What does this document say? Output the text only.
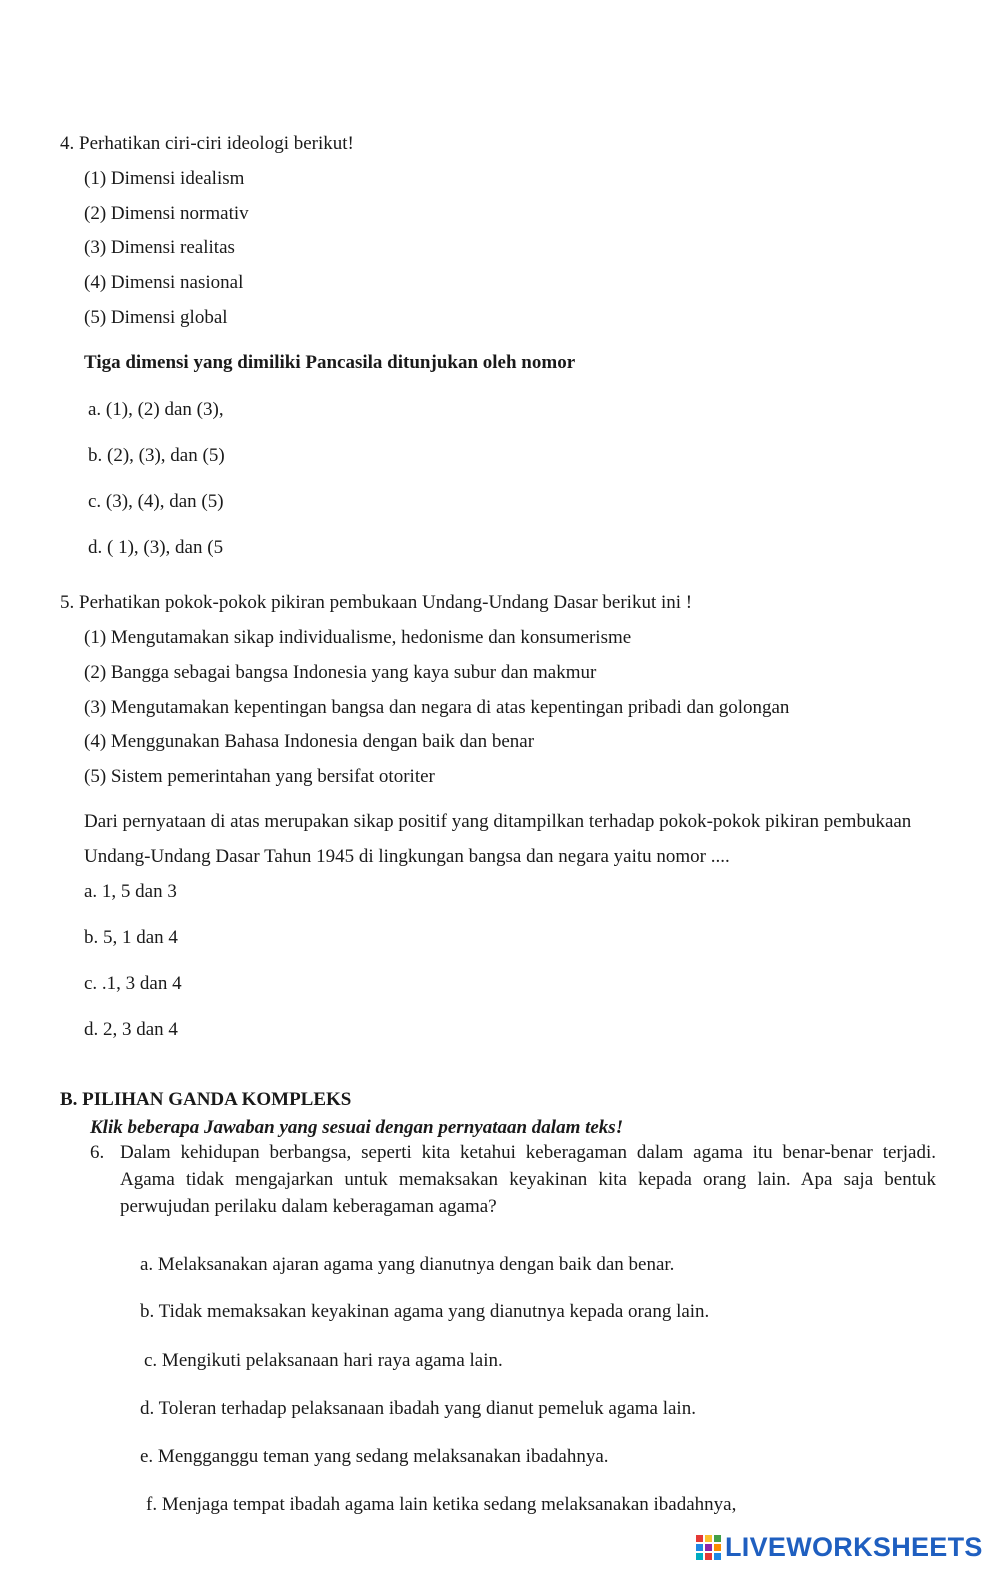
4. Perhatikan ciri-ciri ideologi berikut!
(1) Dimensi idealism
(2) Dimensi normativ
(3) Dimensi realitas
(4) Dimensi nasional
(5) Dimensi global
Tiga dimensi yang dimiliki Pancasila ditunjukan oleh nomor
a. (1), (2) dan (3),
b. (2), (3), dan (5)
c. (3), (4), dan (5)
d. ( 1), (3), dan (5
5. Perhatikan pokok-pokok pikiran pembukaan Undang-Undang Dasar berikut ini !
(1) Mengutamakan sikap individualisme, hedonisme dan konsumerisme
(2) Bangga sebagai bangsa Indonesia yang kaya subur dan makmur
(3) Mengutamakan kepentingan bangsa dan negara di atas kepentingan pribadi dan golongan
(4) Menggunakan Bahasa Indonesia dengan baik dan benar
(5) Sistem pemerintahan yang bersifat otoriter
Dari pernyataan di atas merupakan sikap positif yang ditampilkan terhadap pokok-pokok pikiran pembukaan
Undang-Undang Dasar Tahun 1945 di lingkungan bangsa dan negara yaitu nomor ....
a. 1, 5 dan 3
b. 5, 1 dan 4
c. .1, 3 dan 4
d. 2, 3 dan 4
B. PILIHAN GANDA KOMPLEKS
Klik beberapa Jawaban yang sesuai dengan pernyataan dalam teks!
6. Dalam kehidupan berbangsa, seperti kita ketahui keberagaman dalam agama itu benar-benar terjadi.
Agama tidak mengajarkan untuk memaksakan keyakinan kita kepada orang lain. Apa saja bentuk
perwujudan perilaku dalam keberagaman agama?
a. Melaksanakan ajaran agama yang dianutnya dengan baik dan benar.
b. Tidak memaksakan keyakinan agama yang dianutnya kepada orang lain.
c. Mengikuti pelaksanaan hari raya agama lain.
d. Toleran terhadap pelaksanaan ibadah yang dianut pemeluk agama lain.
e. Mengganggu teman yang sedang melaksanakan ibadahnya.
f. Menjaga tempat ibadah agama lain ketika sedang melaksanakan ibadahnya,
LIVEWORKSHEETS
